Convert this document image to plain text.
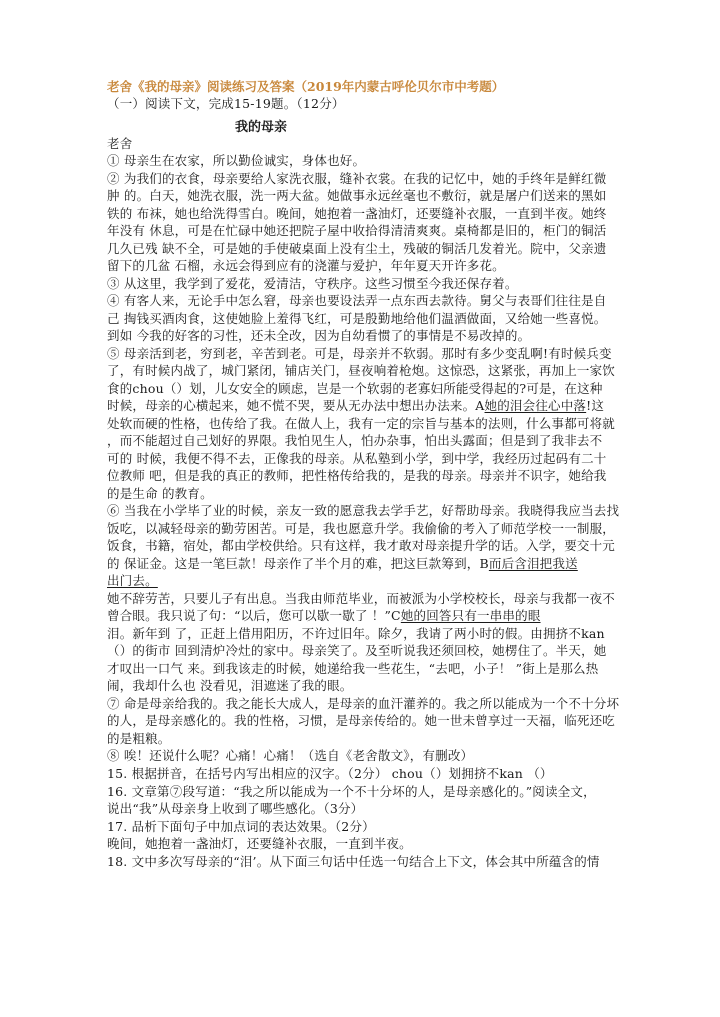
老舍《我的母亲》阅读练习及答案（2019年内蒙古呼伦贝尔市中考题）
（一）阅读下文，完成15-19题。（12分）
我的母亲
老舍
① 母亲生在农家，所以勤俭诚实，身体也好。
② 为我们的衣食，母亲要给人家洗衣服，缝补衣裳。在我的记忆中，她的手终年是鲜红微
肿 的。白天，她洗衣服，洗一两大盆。她做事永远丝毫也不敷衍，就是屠户们送来的黑如
铁的 布袜，她也给洗得雪白。晚间，她抱着一盏油灯，还要缝补衣服，一直到半夜。她终
年没有 休息，可是在忙碌中她还把院子屋中收拾得清清爽爽。桌椅都是旧的，柜门的铜活
几久已残 缺不全，可是她的手使破桌面上没有尘土，残破的铜活几发着光。院中，父亲遗
留下的几盆 石榴，永远会得到应有的浇灌与爱护，年年夏天开许多花。
③ 从这里，我学到了爱花，爱清洁，守秩序。这些习惯至今我还保存着。
④ 有客人来，无论手中怎么窘，母亲也要设法弄一点东西去款待。舅父与表哥们往往是自
己 掏钱买酒肉食，这使她脸上羞得飞红，可是殷勤地给他们温酒做面，又给她一些喜悦。
到如 今我的好客的习性，还未全改，因为自幼看惯了的事情是不易改掉的。
⑤ 母亲活到老，穷到老，辛苦到老。可是，母亲并不软弱。那时有多少变乱啊!有时候兵变
了，有时候内战了，城门紧闭，铺店关门，昼夜响着枪炮。这惊恐，这紧张，再加上一家饮
食的chou（）划，儿女安全的顾虑，岂是一个软弱的老寡妇所能受得起的?可是，在这种
时候，母亲的心横起来，她不慌不哭，要从无办法中想出办法来。A她的泪会往心中落!这
处软而硬的性格，也传给了我。在做人上，我有一定的宗旨与基本的法则，什么事都可将就
，而不能超过自己划好的界限。我怕见生人，怕办杂事，怕出头露面；但是到了我非去不
可的 时候，我便不得不去，正像我的母亲。从私塾到小学，到中学，我经历过起码有二十
位教师 吧，但是我的真正的教师，把性格传给我的，是我的母亲。母亲并不识字，她给我
的是生命 的教育。
⑥ 当我在小学毕了业的时候，亲友一致的愿意我去学手艺，好帮助母亲。我晓得我应当去找
饭吃，以减轻母亲的勤劳困苦。可是，我也愿意升学。我偷偷的考入了师范学校一一制服，
饭食，书籍，宿处，都由学校供给。只有这样，我才敢对母亲提升学的话。入学，要交十元
的 保证金。这是一笔巨款！母亲作了半个月的难，把这巨款筹到，B而后含泪把我送
出门去。
她不辞劳苦，只要儿子有出息。当我由师范毕业，而被派为小学校校长，母亲与我都一夜不
曾合眼。我只说了句：“以后，您可以歇一歇了 ！”C她的回答只有一串串的眼
泪。新年到 了，正赶上借用阳历，不许过旧年。除夕，我请了两小时的假。由拥挤不kan
（）的街市 回到清炉冷灶的家中。母亲笑了。及至听说我还须回校，她楞住了。半天，她
才叹出一口气 来。到我该走的时候，她递给我一些花生，“去吧，小子！ ”街上是那么热
闹，我却什么也 没看见，泪遮迷了我的眼。
⑦ 命是母亲给我的。我之能长大成人，是母亲的血汗灌养的。我之所以能成为一个不十分坏
的人，是母亲感化的。我的性格，习惯，是母亲传给的。她一世未曾享过一天福，临死还吃
的是粗粮。
⑧ 唉！还说什么呢？心痛！心痛！（选自《老舍散文》，有删改）
15. 根据拼音，在括号内写出相应的汉字。（2分） chou（）划拥挤不kan （）
16. 文章第⑦段写道：“我之所以能成为一个不十分坏的人，是母亲感化的。”阅读全文，
说出“我”从母亲身上收到了哪些感化。（3分）
17. 品析下面句子中加点词的表达效果。（2分）
晚间，她抱着一盏油灯，还要缝补衣服，一直到半夜。
18. 文中多次写母亲的“泪’。从下面三句话中任选一句结合上下文，体会其中所蕴含的情
